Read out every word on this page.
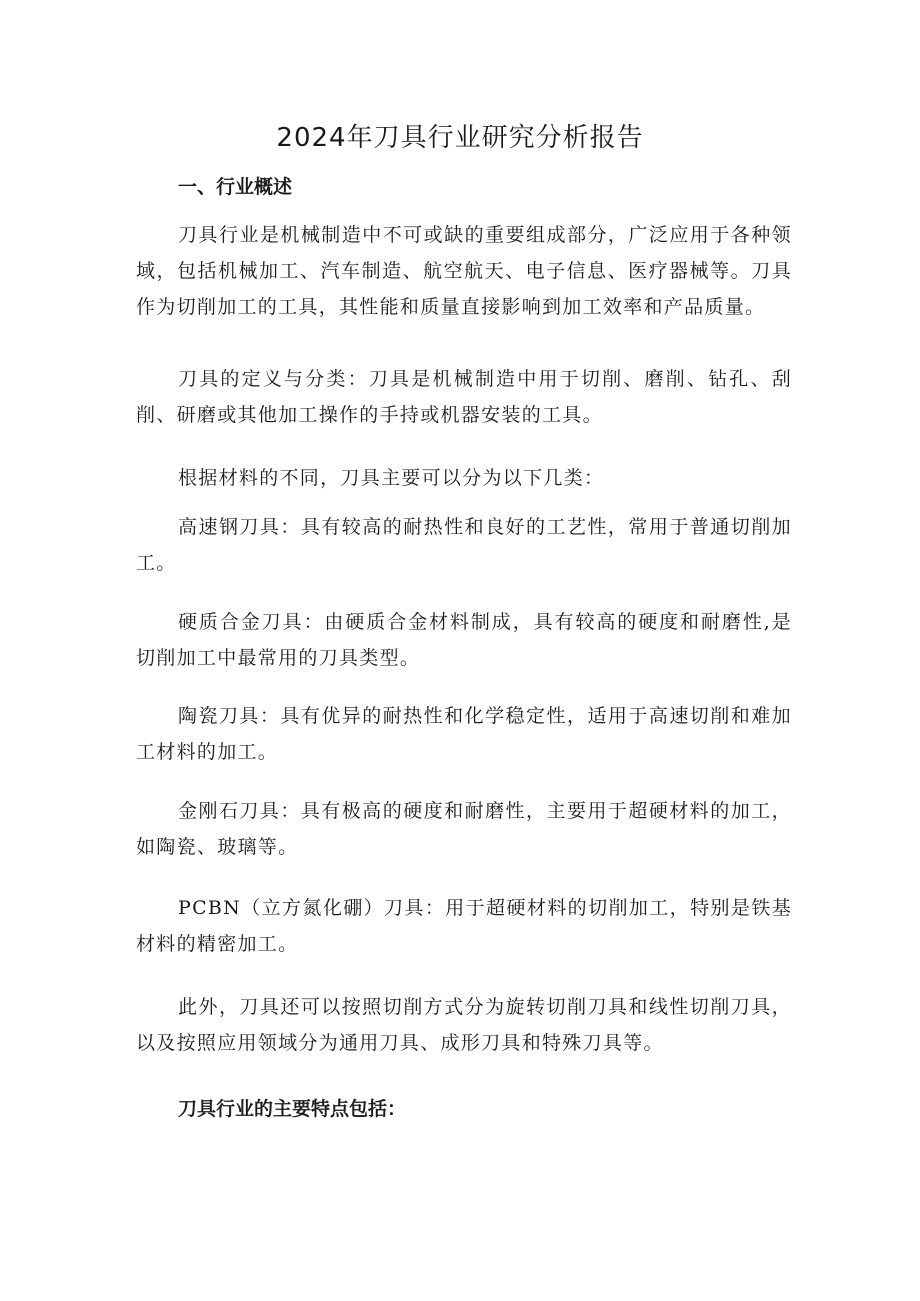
2024年刀具行业研究分析报告
一、行业概述

刀具行业是机械制造中不可或缺的重要组成部分，广泛应用于各种领域，包括机械加工、汽车制造、航空航天、电子信息、医疗器械等。刀具作为切削加工的工具，其性能和质量直接影响到加工效率和产品质量。

刀具的定义与分类：刀具是机械制造中用于切削、磨削、钻孔、刮削、研磨或其他加工操作的手持或机器安装的工具。

根据材料的不同，刀具主要可以分为以下几类：

高速钢刀具：具有较高的耐热性和良好的工艺性，常用于普通切削加工。

硬质合金刀具：由硬质合金材料制成，具有较高的硬度和耐磨性,是切削加工中最常用的刀具类型。

陶瓷刀具：具有优异的耐热性和化学稳定性，适用于高速切削和难加工材料的加工。

金刚石刀具：具有极高的硬度和耐磨性，主要用于超硬材料的加工，如陶瓷、玻璃等。

PCBN（立方氮化硼）刀具：用于超硬材料的切削加工，特别是铁基材料的精密加工。

此外，刀具还可以按照切削方式分为旋转切削刀具和线性切削刀具，以及按照应用领域分为通用刀具、成形刀具和特殊刀具等。

刀具行业的主要特点包括：
